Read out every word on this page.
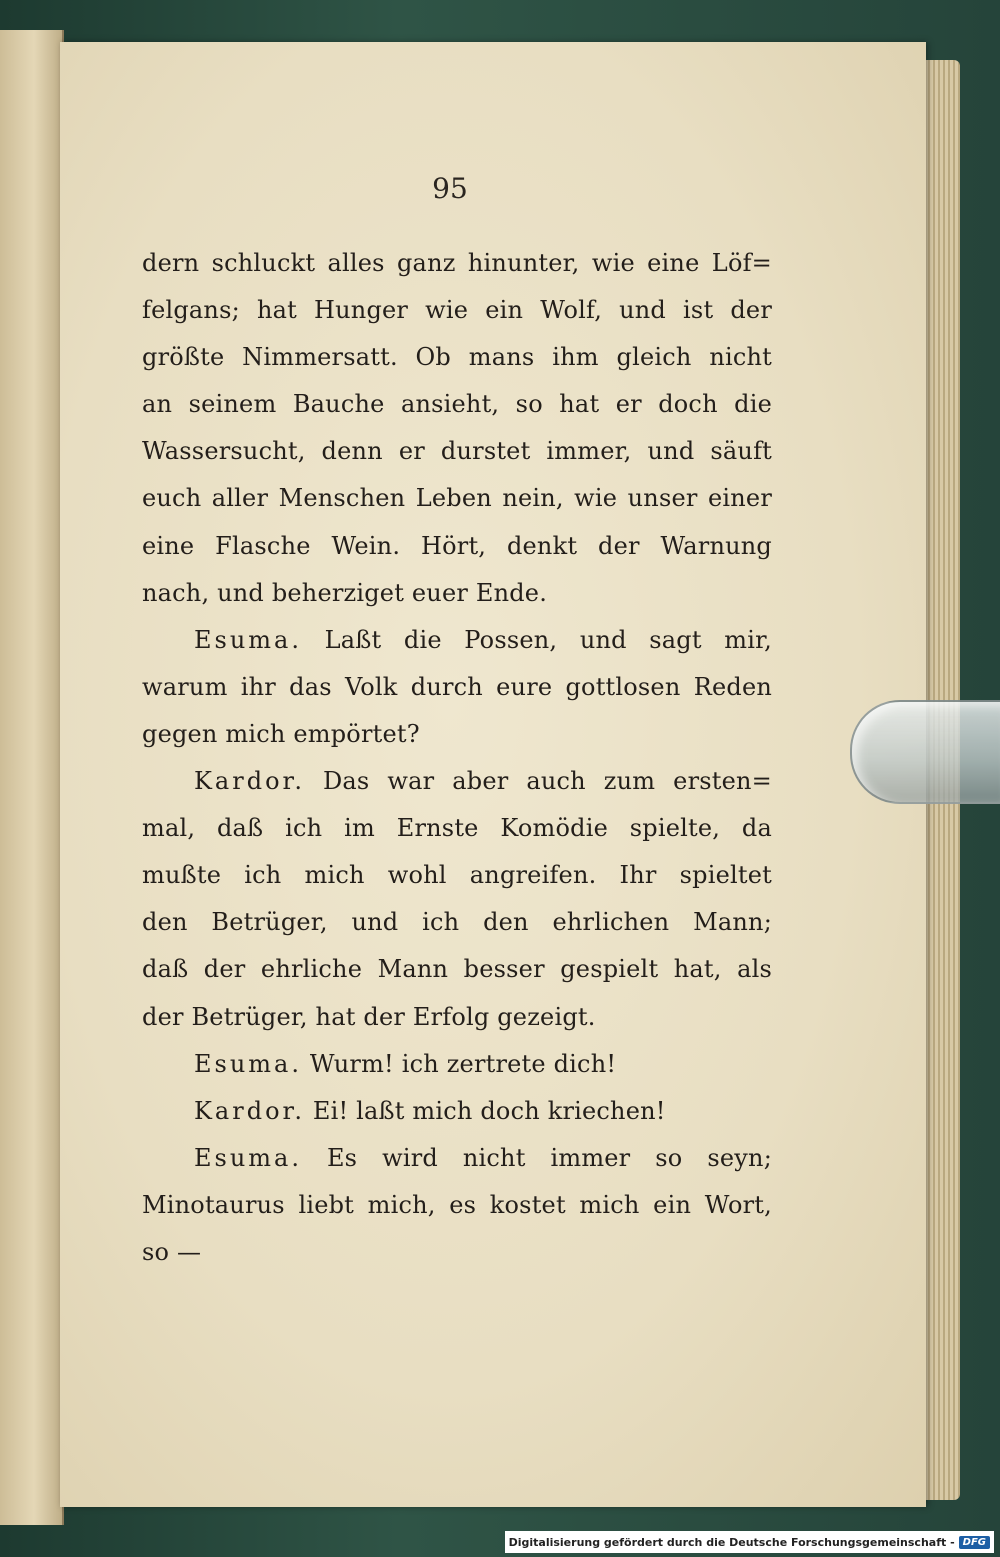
95
dern schluckt alles ganz hinunter, wie eine Löf=
felgans; hat Hunger wie ein Wolf, und ist der
größte Nimmersatt. Ob mans ihm gleich nicht
an seinem Bauche ansieht, so hat er doch die
Wassersucht, denn er durstet immer, und säuft
euch aller Menschen Leben nein, wie unser einer
eine Flasche Wein. Hört, denkt der Warnung
nach, und beherziget euer Ende.
Esuma. Laßt die Possen, und sagt mir,
warum ihr das Volk durch eure gottlosen Reden
gegen mich empörtet?
Kardor. Das war aber auch zum ersten=
mal, daß ich im Ernste Komödie spielte, da
mußte ich mich wohl angreifen. Ihr spieltet
den Betrüger, und ich den ehrlichen Mann;
daß der ehrliche Mann besser gespielt hat, als
der Betrüger, hat der Erfolg gezeigt.
Esuma. Wurm! ich zertrete dich!
Kardor. Ei! laßt mich doch kriechen!
Esuma. Es wird nicht immer so seyn;
Minotaurus liebt mich, es kostet mich ein Wort,
so —
Digitalisierung gefördert durch die Deutsche Forschungsgemeinschaft - DFG
